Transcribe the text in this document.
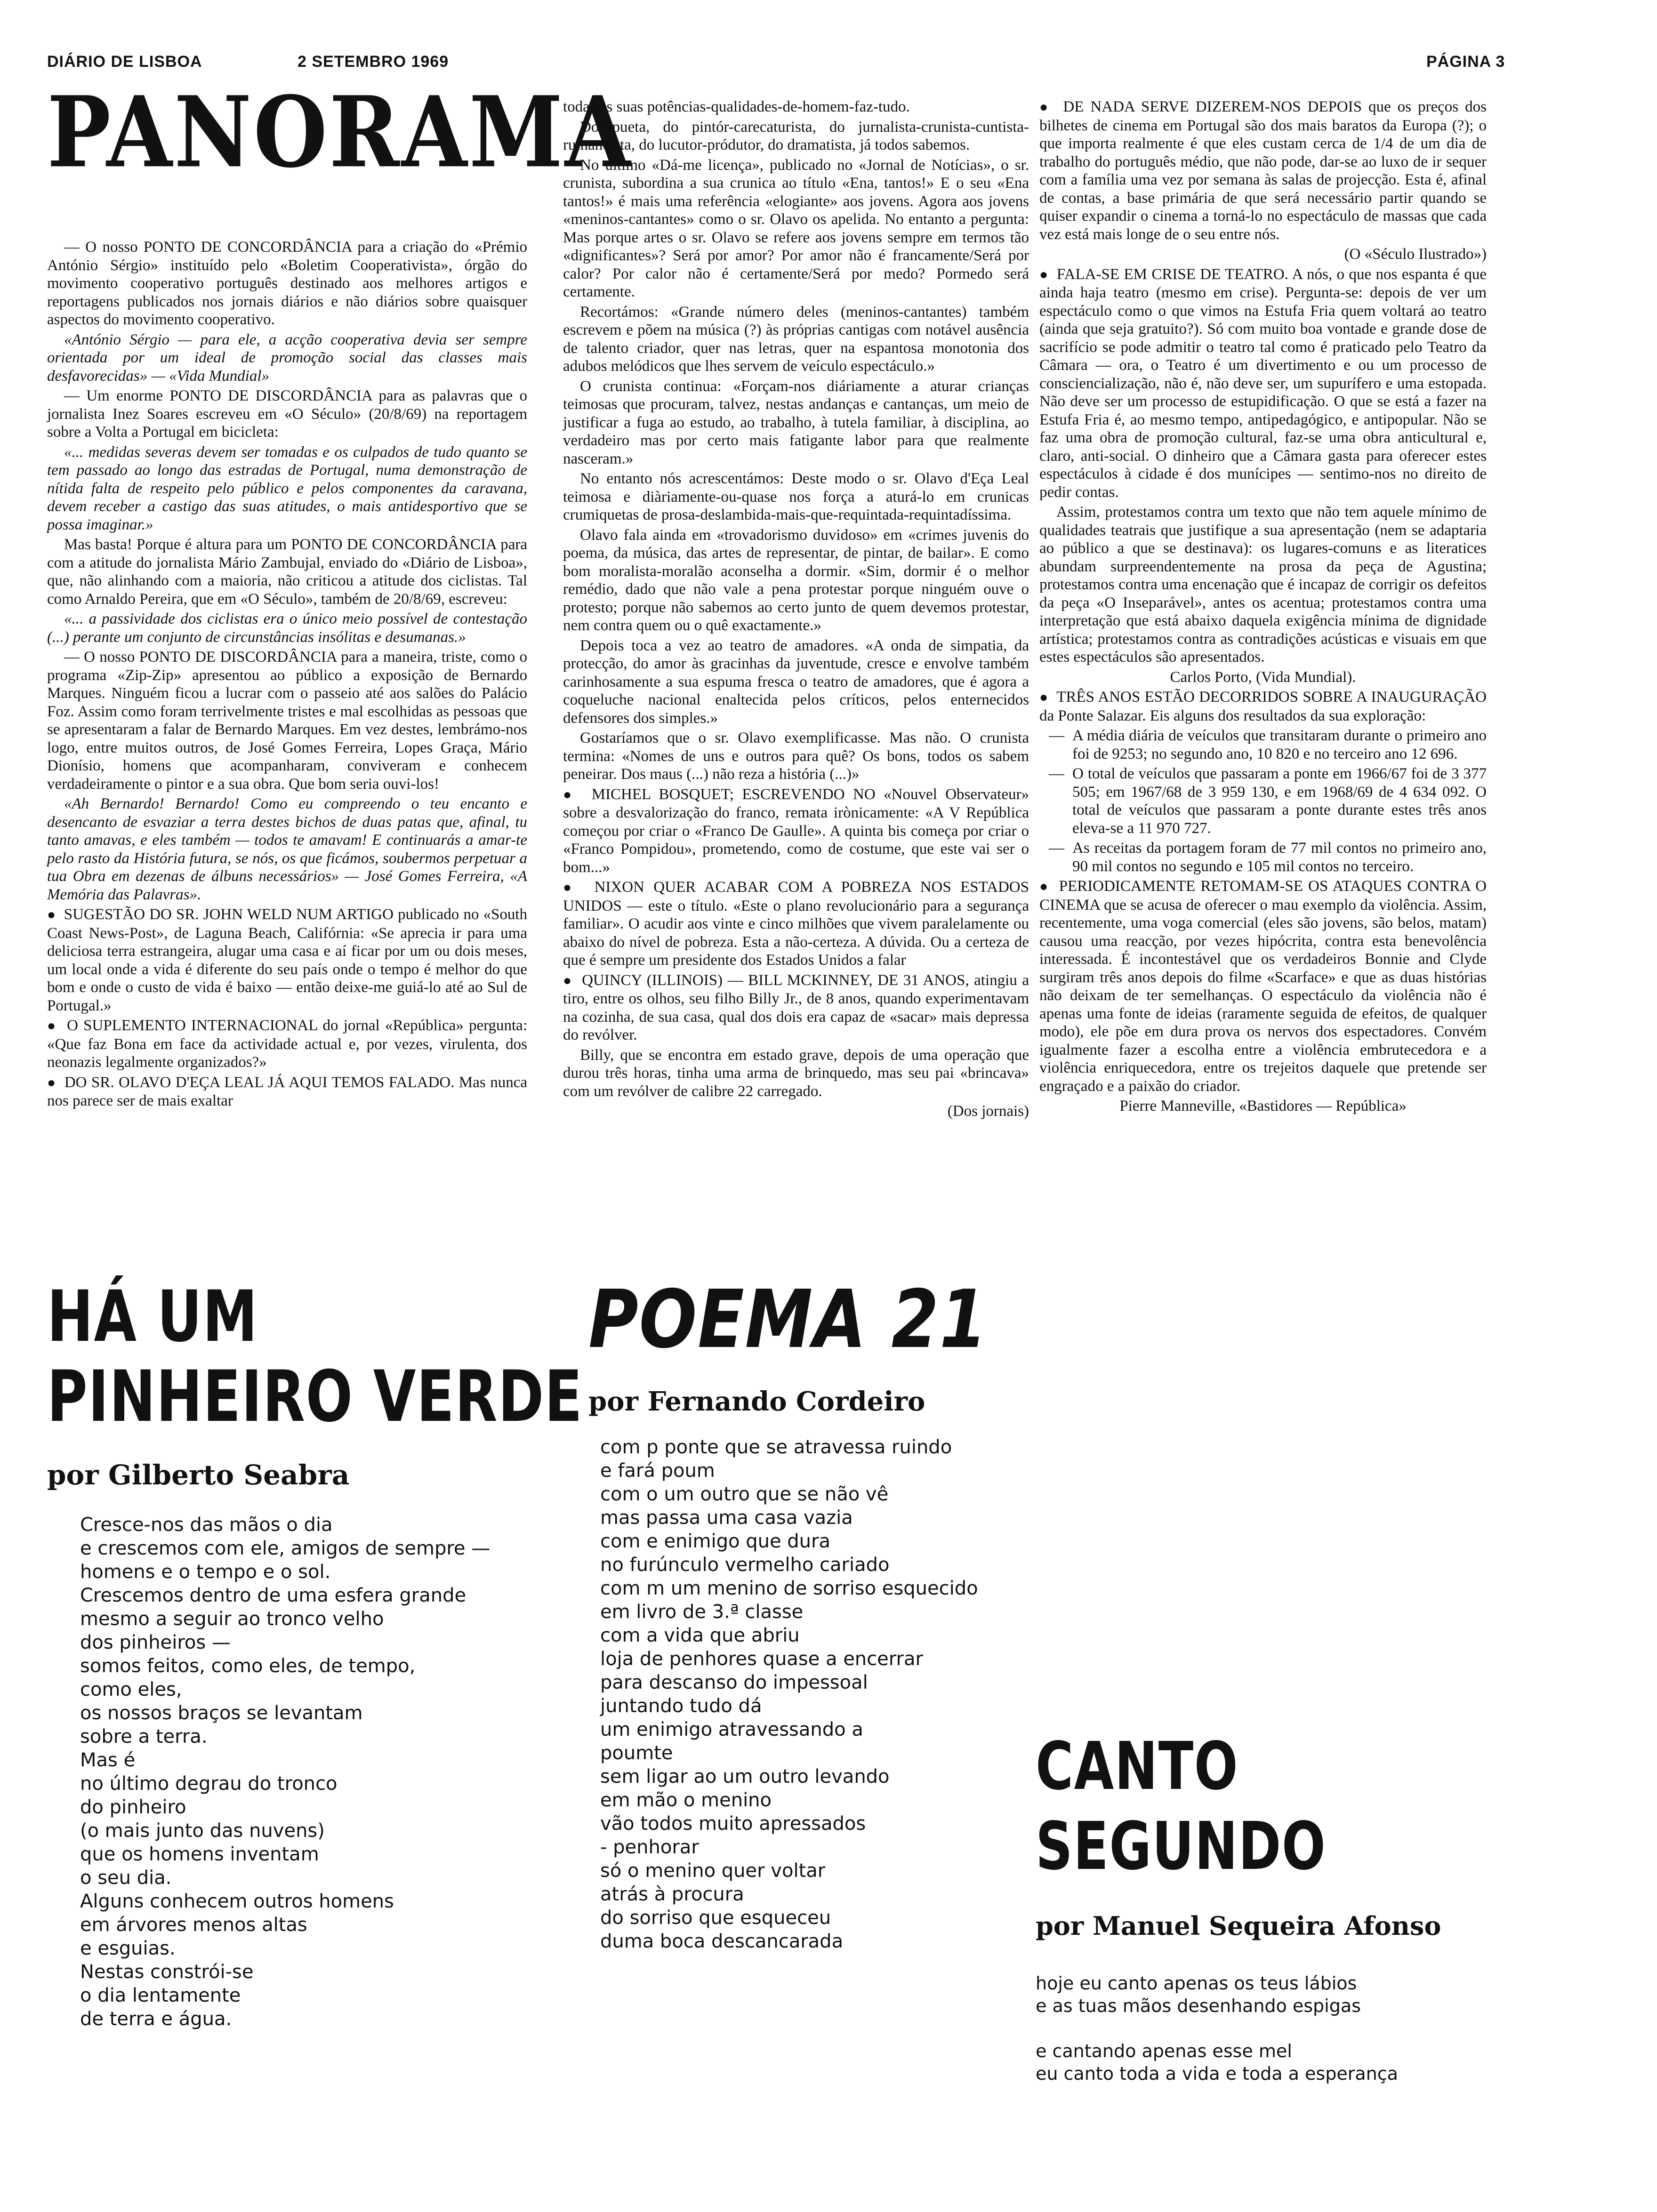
DIÁRIO DE LISBOA	2 SETEMBRO 1969	PÁGINA 3
PANORAMA

— O nosso PONTO DE CONCORDÂNCIA para a criação do «Prémio António Sérgio» instituído pelo «Boletim Cooperativista», órgão do movimento cooperativo português destinado aos melhores artigos e reportagens publicados nos jornais diários e não diários sobre quaisquer aspectos do movimento cooperativo.

«António Sérgio — para ele, a acção cooperativa devia ser sempre orientada por um ideal de promoção social das classes mais desfavorecidas» — «Vida Mundial»

— Um enorme PONTO DE DISCORDÂNCIA para as palavras que o jornalista Inez Soares escreveu em «O Século» (20/8/69) na reportagem sobre a Volta a Portugal em bicicleta:

«... medidas severas devem ser tomadas e os culpados de tudo quanto se tem passado ao longo das estradas de Portugal, numa demonstração de nítida falta de respeito pelo público e pelos componentes da caravana, devem receber a castigo das suas atitudes, o mais antidesportivo que se possa imaginar.»

Mas basta! Porque é altura para um PONTO DE CONCORDÂNCIA para com a atitude do jornalista Mário Zambujal, enviado do «Diário de Lisboa», que, não alinhando com a maioria, não criticou a atitude dos ciclistas. Tal como Arnaldo Pereira, que em «O Século», também de 20/8/69, escreveu:

«... a passividade dos ciclistas era o único meio possível de contestação (...) perante um conjunto de circunstâncias insólitas e desumanas.»

— O nosso PONTO DE DISCORDÂNCIA para a maneira, triste, como o programa «Zip-Zip» apresentou ao público a exposição de Bernardo Marques. Ninguém ficou a lucrar com o passeio até aos salões do Palácio Foz. Assim como foram terrivelmente tristes e mal escolhidas as pessoas que se apresentaram a falar de Bernardo Marques. Em vez destes, lembrámo-nos logo, entre muitos outros, de José Gomes Ferreira, Lopes Graça, Mário Dionísio, homens que acompanharam, conviveram e conhecem verdadeiramente o pintor e a sua obra. Que bom seria ouvi-los!

«Ah Bernardo! Bernardo! Como eu compreendo o teu encanto e desencanto de esvaziar a terra destes bichos de duas patas que, afinal, tu tanto amavas, e eles também — todos te amavam! E continuarás a amar-te pelo rasto da História futura, se nós, os que ficámos, soubermos perpetuar a tua Obra em dezenas de álbuns necessários» — José Gomes Ferreira, «A Memória das Palavras».

●  SUGESTÃO DO SR. JOHN WELD NUM ARTIGO publicado no «South Coast News-Post», de Laguna Beach, Califórnia: «Se aprecia ir para uma deliciosa terra estrangeira, alugar uma casa e aí ficar por um ou dois meses, um local onde a vida é diferente do seu país onde o tempo é melhor do que bom e onde o custo de vida é baixo — então deixe-me guiá-lo até ao Sul de Portugal.»

●  O SUPLEMENTO INTERNACIONAL do jornal «República» pergunta: «Que faz Bona em face da actividade actual e, por vezes, virulenta, dos neonazis legalmente organizados?»

●  DO SR. OLAVO D'EÇA LEAL JÁ AQUI TEMOS FALADO. Mas nunca nos parece ser de mais exaltar

todas as suas potências-qualidades-de-homem-faz-tudo.

Do pueta, do pintór-carecaturista, do jurnalista-crunista-cuntista-rumancista, do lucutor-pródutor, do dramatista, já todos sabemos.

No último «Dá-me licença», publicado no «Jornal de Notícias», o sr. crunista, subordina a sua crunica ao título «Ena, tantos!» E o seu «Ena tantos!» é mais uma referência «elogiante» aos jovens. Agora aos jovens «meninos-cantantes» como o sr. Olavo os apelida. No entanto a pergunta: Mas porque artes o sr. Olavo se refere aos jovens sempre em termos tão «dignificantes»? Será por amor? Por amor não é francamente/Será por calor? Por calor não é certamente/Será por medo? Pormedo será certamente.

Recortámos: «Grande número deles (meninos-cantantes) também escrevem e põem na música (?) às próprias cantigas com notável ausência de talento criador, quer nas letras, quer na espantosa monotonia dos adubos melódicos que lhes servem de veículo espectáculo.»

O crunista continua: «Forçam-nos diáriamente a aturar crianças teimosas que procuram, talvez, nestas andanças e cantanças, um meio de justificar a fuga ao estudo, ao trabalho, à tutela familiar, à disciplina, ao verdadeiro mas por certo mais fatigante labor para que realmente nasceram.»

No entanto nós acrescentámos: Deste modo o sr. Olavo d'Eça Leal teimosa e diàriamente-ou-quase nos força a aturá-lo em crunicas crumiquetas de prosa-deslambida-mais-que-requintada-requintadíssima.

Olavo fala ainda em «trovadorismo duvidoso» em «crimes juvenis do poema, da música, das artes de representar, de pintar, de bailar». E como bom moralista-moralão aconselha a dormir. «Sim, dormir é o melhor remédio, dado que não vale a pena protestar porque ninguém ouve o protesto; porque não sabemos ao certo junto de quem devemos protestar, nem contra quem ou o quê exactamente.»

Depois toca a vez ao teatro de amadores. «A onda de simpatia, da protecção, do amor às gracinhas da juventude, cresce e envolve também carinhosamente a sua espuma fresca o teatro de amadores, que é agora a coqueluche nacional enaltecida pelos críticos, pelos enternecidos defensores dos simples.»

Gostaríamos que o sr. Olavo exemplificasse. Mas não. O crunista termina: «Nomes de uns e outros para quê? Os bons, todos os sabem peneirar. Dos maus (...) não reza a história (...)»

●  MICHEL BOSQUET; ESCREVENDO NO «Nouvel Observateur» sobre a desvalorização do franco, remata irònicamente: «A V República começou por criar o «Franco De Gaulle». A quinta bis começa por criar o «Franco Pompidou», prometendo, como de costume, que este vai ser o bom...»

●  NIXON QUER ACABAR COM A POBREZA NOS ESTADOS UNIDOS — este o título. «Este o plano revolucionário para a segurança familiar». O acudir aos vinte e cinco milhões que vivem paralelamente ou abaixo do nível de pobreza. Esta a não-certeza. A dúvida. Ou a certeza de que é sempre um presidente dos Estados Unidos a falar

●  QUINCY (ILLINOIS) — BILL MCKINNEY, DE 31 ANOS, atingiu a tiro, entre os olhos, seu filho Billy Jr., de 8 anos, quando experimentavam na cozinha, de sua casa, qual dos dois era capaz de «sacar» mais depressa do revólver.

Billy, que se encontra em estado grave, depois de uma operação que durou três horas, tinha uma arma de brinquedo, mas seu pai «brincava» com um revólver de calibre 22 carregado.

(Dos jornais)

●  DE NADA SERVE DIZEREM-NOS DEPOIS que os preços dos bilhetes de cinema em Portugal são dos mais baratos da Europa (?); o que importa realmente é que eles custam cerca de 1/4 de um dia de trabalho do português médio, que não pode, dar-se ao luxo de ir sequer com a família uma vez por semana às salas de projecção. Esta é, afinal de contas, a base primária de que será necessário partir quando se quiser expandir o cinema a torná-lo no espectáculo de massas que cada vez está mais longe de o seu entre nós.

(O «Século Ilustrado»)

●  FALA-SE EM CRISE DE TEATRO. A nós, o que nos espanta é que ainda haja teatro (mesmo em crise). Pergunta-se: depois de ver um espectáculo como o que vimos na Estufa Fria quem voltará ao teatro (ainda que seja gratuito?). Só com muito boa vontade e grande dose de sacrifício se pode admitir o teatro tal como é praticado pelo Teatro da Câmara — ora, o Teatro é um divertimento e ou um processo de consciencialização, não é, não deve ser, um supurífero e uma estopada. Não deve ser um processo de estupidificação. O que se está a fazer na Estufa Fria é, ao mesmo tempo, antipedagógico, e antipopular. Não se faz uma obra de promoção cultural, faz-se uma obra anticultural e, claro, anti-social. O dinheiro que a Câmara gasta para oferecer estes espectáculos à cidade é dos munícipes — sentimo-nos no direito de pedir contas.

Assim, protestamos contra um texto que não tem aquele mínimo de qualidades teatrais que justifique a sua apresentação (nem se adaptaria ao público a que se destinava): os lugares-comuns e as literatices abundam surpreendentemente na prosa da peça de Agustina; protestamos contra uma encenação que é incapaz de corrigir os defeitos da peça «O Inseparável», antes os acentua; protestamos contra uma interpretação que está abaixo daquela exigência mínima de dignidade artística; protestamos contra as contradições acústicas e visuais em que estes espectáculos são apresentados.

Carlos Porto, (Vida Mundial).

●  TRÊS ANOS ESTÃO DECORRIDOS SOBRE A INAUGURAÇÃO da Ponte Salazar. Eis alguns dos resultados da sua exploração:

— A média diária de veículos que transitaram durante o primeiro ano foi de 9253; no segundo ano, 10 820 e no terceiro ano 12 696.

— O total de veículos que passaram a ponte em 1966/67 foi de 3 377 505; em 1967/68 de 3 959 130, e em 1968/69 de 4 634 092. O total de veículos que passaram a ponte durante estes três anos eleva-se a 11 970 727.

— As receitas da portagem foram de 77 mil contos no primeiro ano, 90 mil contos no segundo e 105 mil contos no terceiro.

●  PERIODICAMENTE RETOMAM-SE OS ATAQUES CONTRA O CINEMA que se acusa de oferecer o mau exemplo da violência. Assim, recentemente, uma voga comercial (eles são jovens, são belos, matam) causou uma reacção, por vezes hipócrita, contra esta benevolência interessada. É incontestável que os verdadeiros Bonnie and Clyde surgiram três anos depois do filme «Scarface» e que as duas histórias não deixam de ter semelhanças. O espectáculo da violência não é apenas uma fonte de ideias (raramente seguida de efeitos, de qualquer modo), ele põe em dura prova os nervos dos espectadores. Convém igualmente fazer a escolha entre a violência embrutecedora e a violência enriquecedora, entre os trejeitos daquele que pretende ser engraçado e a paixão do criador.

Pierre Manneville, «Bastidores — República»

HÁ UM
PINHEIRO VERDE
por Gilberto Seabra
Cresce-nos das mãos o dia
e crescemos com ele, amigos de sempre —
homens e o tempo e o sol.
Crescemos dentro de uma esfera grande
mesmo a seguir ao tronco velho
dos pinheiros —
somos feitos, como eles, de tempo,
como eles,
os nossos braços se levantam
sobre a terra.
Mas é
no último degrau do tronco
do pinheiro
(o mais junto das nuvens)
que os homens inventam
o seu dia.
Alguns conhecem outros homens
em árvores menos altas
e esguias.
Nestas constrói-se
o dia lentamente
de terra e água.
POEMA 21
por Fernando Cordeiro
com p ponte que se atravessa ruindo
e fará poum
com o um outro que se não vê
mas passa uma casa vazia
com e enimigo que dura
no furúnculo vermelho cariado
com m um menino de sorriso esquecido
em livro de 3.ª classe
com a vida que abriu
loja de penhores quase a encerrar
para descanso do impessoal
juntando tudo dá
um enimigo atravessando a
poumte
sem ligar ao um outro levando
em mão o menino
vão todos muito apressados
- penhorar
só o menino quer voltar
atrás à procura
do sorriso que esqueceu
duma boca descancarada
CANTO
SEGUNDO
por Manuel Sequeira Afonso
hoje eu canto apenas os teus lábios
e as tuas mãos desenhando espigas
e cantando apenas esse mel
eu canto toda a vida e toda a esperança
